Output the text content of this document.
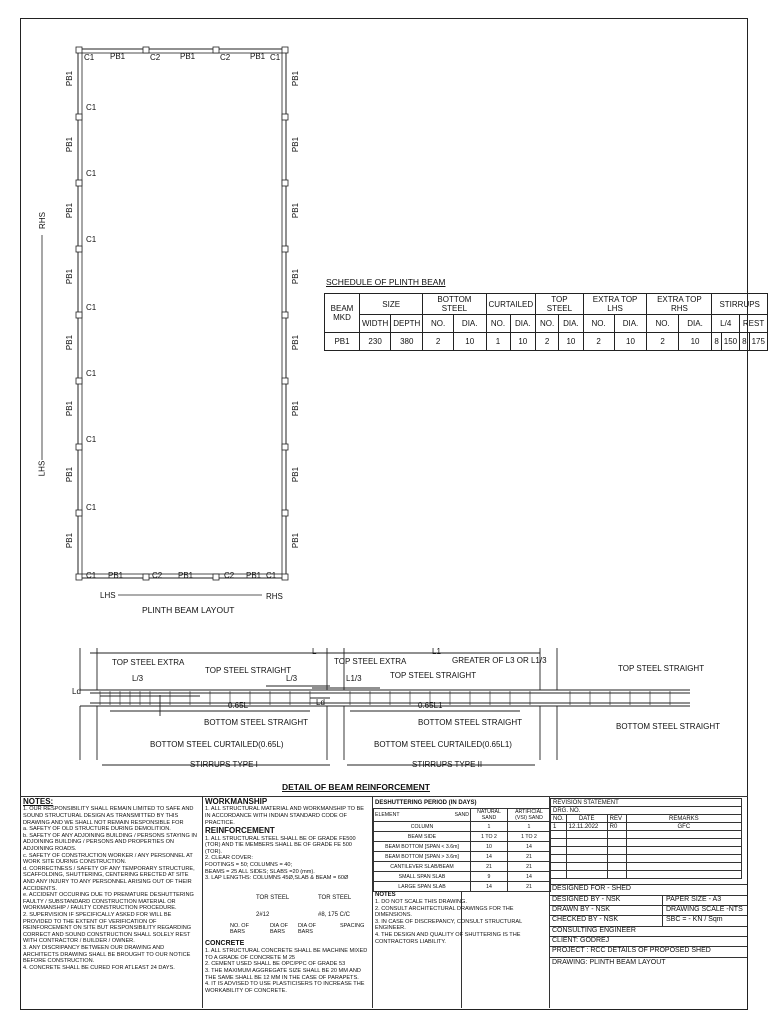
C1 PB1	C2 PB1	C2 PB1 C1
C1 PB1	C2 PB1	C2 PB1 C1
C1
C1
C1
C1
C1
C1
C1
PB1
PB1
PB1
PB1
PB1
PB1
PB1
PB1
PB1
PB1
PB1
PB1
PB1
PB1
PB1
PB1
RHS
LHS
LHS	RHS
PLINTH BEAM LAYOUT
SCHEDULE OF PLINTH BEAM
BEAM MKD	SIZE		BOTTOM STEEL		CURTAILED		TOP STEEL		EXTRA TOP LHS		EXTRA TOP RHS		STIRRUPS			
	WIDTH	DEPTH	NO.	DIA.	NO.	DIA.	NO.	DIA.	NO.	DIA.	NO.	DIA.	L/4		REST	
PB1	230	380	2	10	1	10	2	10	2	10	2	10	8	150	8	175
L	L1
TOP STEEL EXTRA
L/3
TOP STEEL STRAIGHT
L/3
TOP STEEL EXTRA
L1/3	TOP STEEL STRAIGHT
GREATER OF L3 OR L1/3
TOP STEEL STRAIGHT
Ld
Ld
0.65L	0.65L1
BOTTOM STEEL STRAIGHT
BOTTOM STEEL CURTAILED(0.65L)
BOTTOM STEEL STRAIGHT
BOTTOM STEEL CURTAILED(0.65L1)
BOTTOM STEEL STRAIGHT
STIRRUPS TYPE I	STIRRUPS TYPE II
DETAIL OF BEAM REINFORCEMENT
NOTES:

1. OUR RESPONSIBILITY SHALL REMAIN LIMITED TO SAFE AND SOUND STRUCTURAL DESIGN AS TRANSMITTED BY THIS DRAWING AND WE SHALL NOT REMAIN RESPONSIBLE FOR

a. SAFETY OF OLD STRUCTURE DURING DEMOLITION.

b. SAFETY OF ANY ADJOINING BUILDING / PERSONS STAYING IN ADJOINING BUILDING / PERSONS AND PROPERTIES ON ADJOINING ROADS.

c. SAFETY OF CONSTRUCTION WORKER / ANY PERSONNEL AT WORK SITE DURING CONSTRUCTION.

d. CORRECTNESS / SAFETY OF ANY TEMPORARY STRUCTURE, SCAFFOLDING, SHUTTERING, CENTERING ERECTED AT SITE AND ANY INJURY TO ANY PERSONNEL ARISING OUT OF THEIR ACCIDENTS.

e. ACCIDENT OCCURING DUE TO PREMATURE DESHUTTERING FAULTY / SUBSTANDARD CONSTRUCTION MATERIAL OR WORKMANSHIP / FAULTY CONSTRUCTION PROCEDURE.

2. SUPERVISION IF SPECIFICALLY ASKED FOR WILL BE PROVIDED TO THE EXTENT OF VERIFICATION OF REINFORCEMENT ON SITE BUT RESPONSIBILITY REGARDING CORRECT AND SOUND CONSTRUCTION SHALL SOLELY REST WITH CONTRACTOR / BUILDER / OWNER.

3. ANY DISCRIPANCY BETWEEN OUR DRAWING AND ARCHITECTS DRAWING SHALL BE BROUGHT TO OUR NOTICE BEFORE CONSTRUCTION.

4. CONCRETE SHALL BE CURED FOR ATLEAST 24 DAYS.

WORKMANSHIP

1. ALL STRUCTURAL MATERIAL AND WORKMANSHIP TO BE IN ACCORDANCE WITH INDIAN STANDARD CODE OF PRACTICE.

REINFORCEMENT

1. ALL STRUCTURAL STEEL SHALL BE OF GRADE FE500 (TOR) AND TIE MEMBERS SHALL BE OF GRADE FE 500 (TOR).

2. CLEAR COVER:

FOOTINGS = 50; COLUMNS = 40;

BEAMS = 25 ALL SIDES; SLABS =20 (mm).

3. LAP LENGTHS: COLUMNS 45Ø,SLAB & BEAM = 60Ø

TOR STEEL	TOR STEEL
2#12	#8, 175 C/C
NO. OF BARS
DIA OF BARS
DIA OF BARS
SPACING
CONCRETE

1. ALL STRUCTURAL CONCRETE SHALL BE MACHINE MIXED TO A GRADE OF CONCRETE M 25

2. CEMENT USED SHALL BE OPC/PPC OF GRADE 53

3. THE MAXIMUM AGGREGATE SIZE SHALL BE 20 MM AND THE SAME SHALL BE 12 MM IN THE CASE OF PARAPETS.

4. IT IS ADVISED TO USE PLASTICISERS TO INCREASE THE WORKABILITY OF CONCRETE.

DESHUTTERING PERIOD (IN DAYS)
ELEMENT SAND	NATURAL SAND	ARTIFICIAL (VSI) SAND
COLUMN	1	1
BEAM SIDE	1 TO 2	1 TO 2
BEAM BOTTOM [SPAN < 3.6m]	10	14
BEAM BOTTOM [SPAN > 3.6m]	14	21
CANTILEVER SLAB/BEAM	21	21
SMALL SPAN SLAB	9	14
LARGE SPAN SLAB	14	21
NOTES

1. DO NOT SCALE THIS DRAWING.

2. CONSULT ARCHITECTURAL DRAWINGS FOR THE DIMENSIONS.

3. IN CASE OF DISCREPANCY, CONSULT STRUCTURAL ENGINEER.

4. THE DESIGN AND QUALITY OF SHUTTERING IS THE CONTRACTORS LIABILITY.

REVISION STATEMENT			
DRG. NO.			
NO.	DATE	REV	REMARKS
1	12.11.2022	R0	GFC

DESIGNED FOR - SHED
DESIGNED BY - NSK	PAPER SIZE - A3
DRAWN BY - NSK	DRAWING SCALE -NTS
CHECKED BY - NSK	SBC = - KN / Sqm
CONSULTING ENGINEER
CLIENT: GODREJ
PROJECT : RCC DETAILS OF PROPOSED SHED
DRAWING: PLINTH BEAM LAYOUT
